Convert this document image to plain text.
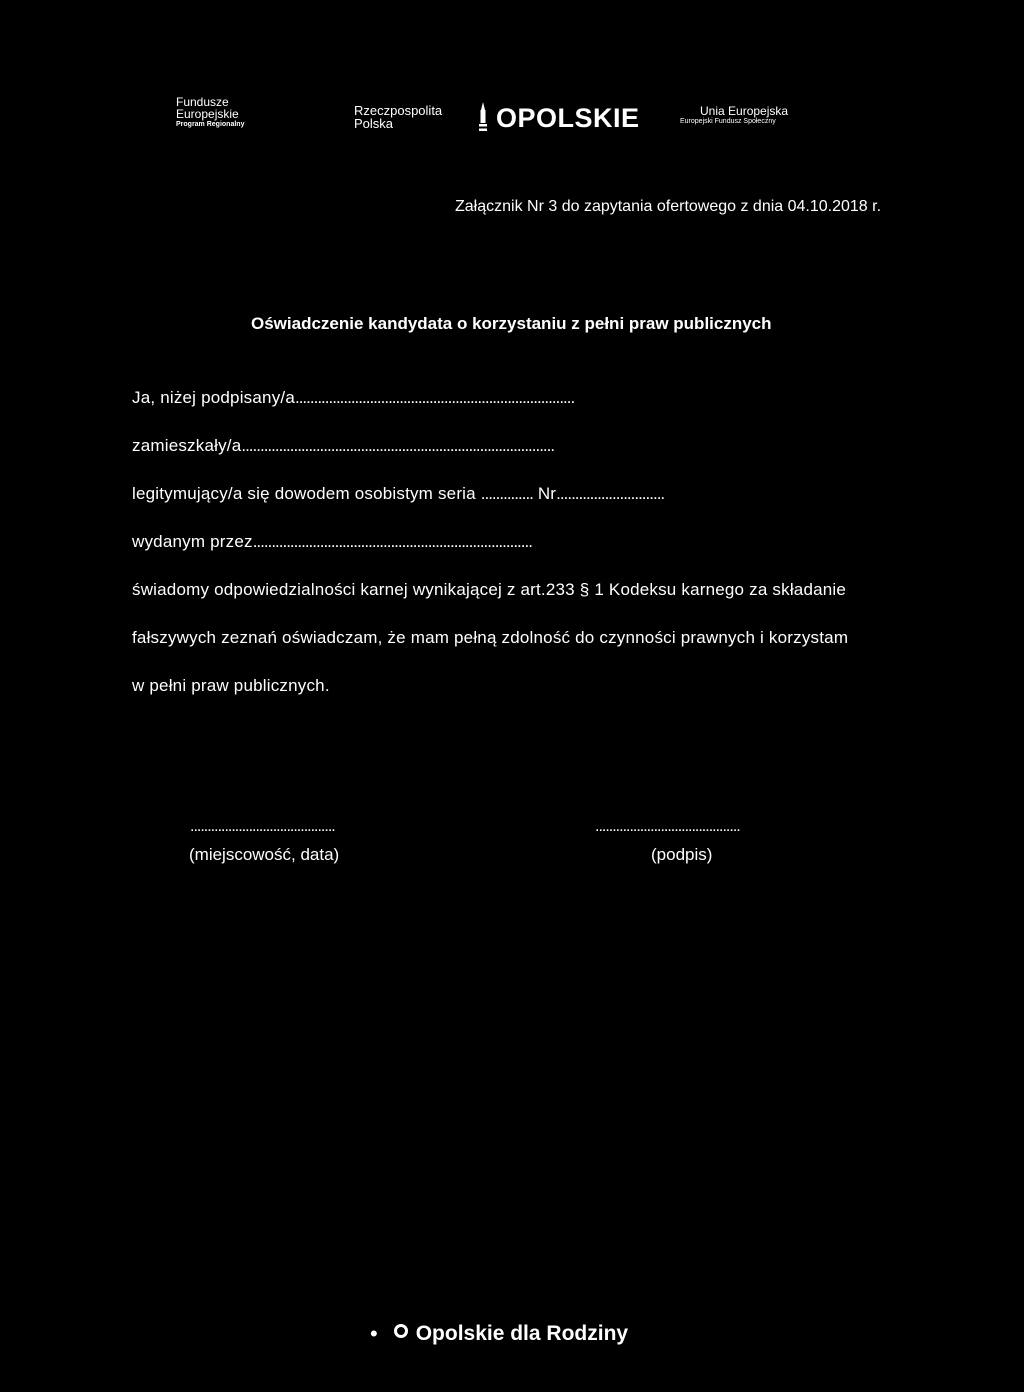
Fundusze
Europejskie
Program Regionalny
Rzeczpospolita
Polska	OPOLSKIE	Unia Europejska
Europejski Fundusz Społeczny
Załącznik Nr 3 do zapytania ofertowego z dnia 04.10.2018 r.
Oświadczenie kandydata o korzystaniu z pełni praw publicznych
Ja, niżej podpisany/a...........................................................................
zamieszkały/a....................................................................................
legitymujący/a się dowodem osobistym seria .............. Nr.............................
wydanym przez...........................................................................
świadomy odpowiedzialności karnej wynikającej z art.233 § 1 Kodeksu karnego za składanie
fałszywych zeznań oświadczam, że mam pełną zdolność do czynności prawnych i korzystam
w pełni praw publicznych.
..........................................
(miejscowość, data)
..........................................
(podpis)
• Opolskie dla Rodziny
